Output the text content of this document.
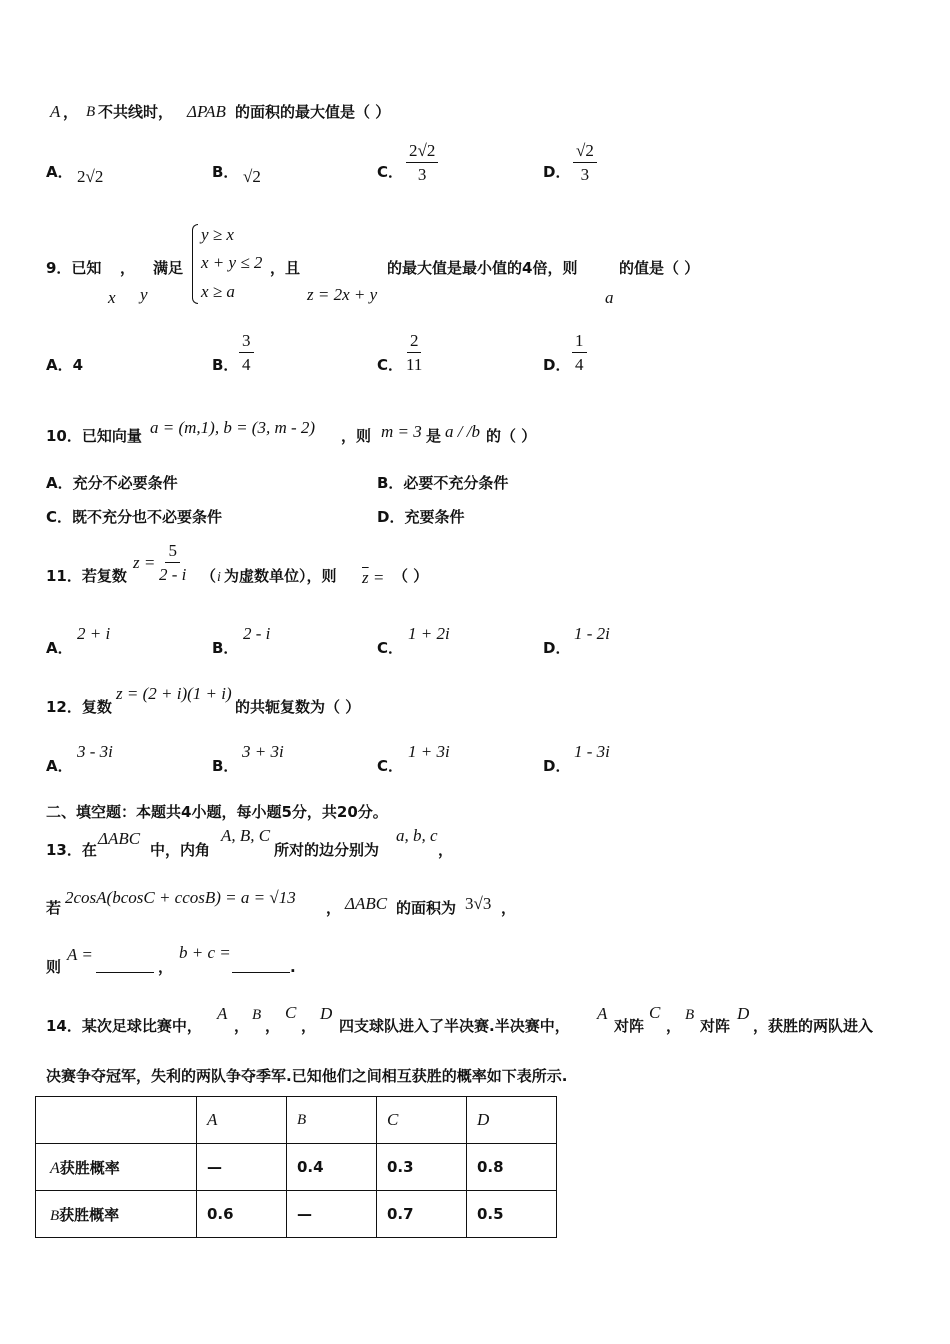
A ， B 不共线时， ΔPAB 的面积的最大值是（ ）
A． 2√2	B． √2	C． $\frac{2√2}{3}$	D． $\frac{√2}{3}$
9．已知 ， 满足
x y
y ≥ x
x + y ≤ 2
x ≥ a
，且
z = 2x + y
的最大值是最小值的4倍，则
a
的值是（ ）
A．4	B． $\frac{3}{4}$	C． $\frac{2}{11}$	D． $\frac{1}{4}$
10．已知向量 a = (m,1), b = (3, m - 2) ，则 m = 3 是 a / /b 的（ ）
A．充分不必要条件	B．必要不充分条件
C．既不充分也不必要条件	D．充要条件
11．若复数
$z = \frac{5}{2 - i}$ （ i 为虚数单位），则 $\overline{z}$ = （ ）
A．
2 + i
B．
2 - i
C．
1 + 2i
D．
1 - 2i
12．复数
z = (2 + i)(1 + i)
的共轭复数为（ ）
A．
3 - 3i
B．
3 + 3i
C．
1 + 3i
D．
1 - 3i
二、填空题：本题共4小题，每小题5分，共20分。
13．在
ΔABC
中，内角
A, B, C
所对的边分别为
a, b, c
，
若
2cosA(bcosC + ccosB) = a = √13
， ΔABC 的面积为 3√3 ，
则
A =
，
b + c =
.
14．某次足球比赛中，
A
，
B
，
C
，
D
四支球队进入了半决赛.半决赛中，
A
对阵
C
，
B
对阵
D
，获胜的两队进入
决赛争夺冠军，失利的两队争夺季军.已知他们之间相互获胜的概率如下表所示.
	A	B	C	D
A获胜概率	—	0.4	0.3	0.8
B获胜概率	0.6	—	0.7	0.5
